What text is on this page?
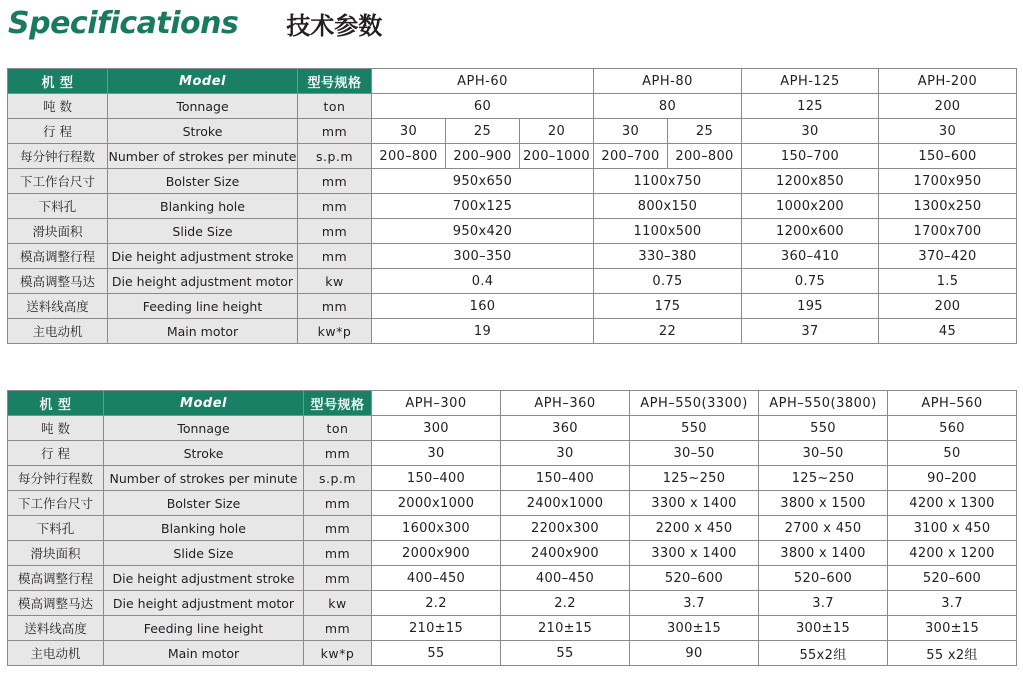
Specifications 技术参数
机 型	Model	型号规格	APH-60			APH-80		APH-125	APH-200
吨 数	Tonnage	ton	60			80		125	200
行 程	Stroke	mm	30	25	20	30	25	30	30
每分钟行程数	Number of strokes per minute	s.p.m	200–800	200–900	200–1000	200–700	200–800	150–700	150–600
下工作台尺寸	Bolster Size	mm	950x650			1100x750		1200x850	1700x950
下料孔	Blanking hole	mm	700x125			800x150		1000x200	1300x250
滑块面积	Slide Size	mm	950x420			1100x500		1200x600	1700x700
模高调整行程	Die height adjustment stroke	mm	300–350			330–380		360–410	370–420
模高调整马达	Die height adjustment motor	kw	0.4			0.75		0.75	1.5
送料线高度	Feeding line height	mm	160			175		195	200
主电动机	Main motor	kw*p	19			22		37	45
机 型	Model	型号规格	APH–300	APH–360	APH–550(3300)	APH–550(3800)	APH–560
吨 数	Tonnage	ton	300	360	550	550	560
行 程	Stroke	mm	30	30	30–50	30–50	50
每分钟行程数	Number of strokes per minute	s.p.m	150–400	150–400	125~250	125~250	90–200
下工作台尺寸	Bolster Size	mm	2000x1000	2400x1000	3300 x 1400	3800 x 1500	4200 x 1300
下料孔	Blanking hole	mm	1600x300	2200x300	2200 x 450	2700 x 450	3100 x 450
滑块面积	Slide Size	mm	2000x900	2400x900	3300 x 1400	3800 x 1400	4200 x 1200
模高调整行程	Die height adjustment stroke	mm	400–450	400–450	520–600	520–600	520–600
模高调整马达	Die height adjustment motor	kw	2.2	2.2	3.7	3.7	3.7
送料线高度	Feeding line height	mm	210±15	210±15	300±15	300±15	300±15
主电动机	Main motor	kw*p	55	55	90	55x2组	55 x2组
